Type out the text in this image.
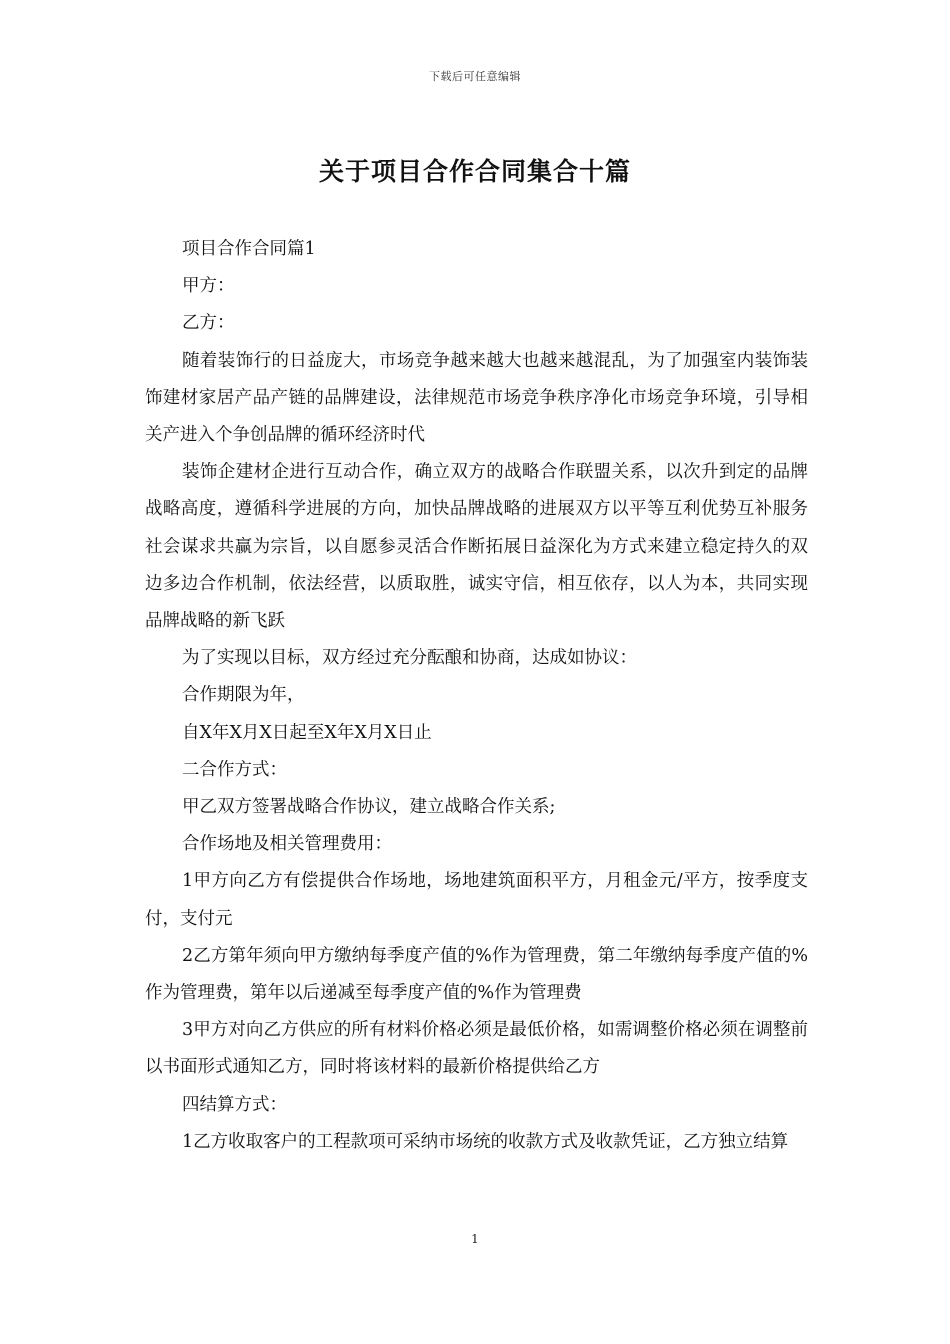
下载后可任意编辑
关于项目合作合同集合十篇

项目合作合同篇1

甲方：

乙方：

随着装饰行的日益庞大，市场竞争越来越大也越来越混乱，为了加强室内装饰装饰建材家居产品产链的品牌建设，法律规范市场竞争秩序净化市场竞争环境，引导相关产进入个争创品牌的循环经济时代

装饰企建材企进行互动合作，确立双方的战略合作联盟关系，以次升到定的品牌战略高度，遵循科学进展的方向，加快品牌战略的进展双方以平等互利优势互补服务社会谋求共赢为宗旨，以自愿参灵活合作断拓展日益深化为方式来建立稳定持久的双边多边合作机制，依法经营，以质取胜，诚实守信，相互依存，以人为本，共同实现品牌战略的新飞跃

为了实现以目标，双方经过充分酝酿和协商，达成如协议：

合作期限为年，

自X年X月X日起至X年X月X日止

二合作方式：

甲乙双方签署战略合作协议，建立战略合作关系;

合作场地及相关管理费用：

1甲方向乙方有偿提供合作场地，场地建筑面积平方，月租金元/平方，按季度支付，支付元

2乙方第年须向甲方缴纳每季度产值的%作为管理费，第二年缴纳每季度产值的%作为管理费，第年以后递减至每季度产值的%作为管理费

3甲方对向乙方供应的所有材料价格必须是最低价格，如需调整价格必须在调整前以书面形式通知乙方，同时将该材料的最新价格提供给乙方

四结算方式：

1乙方收取客户的工程款项可采纳市场统的收款方式及收款凭证，乙方独立结算

1
